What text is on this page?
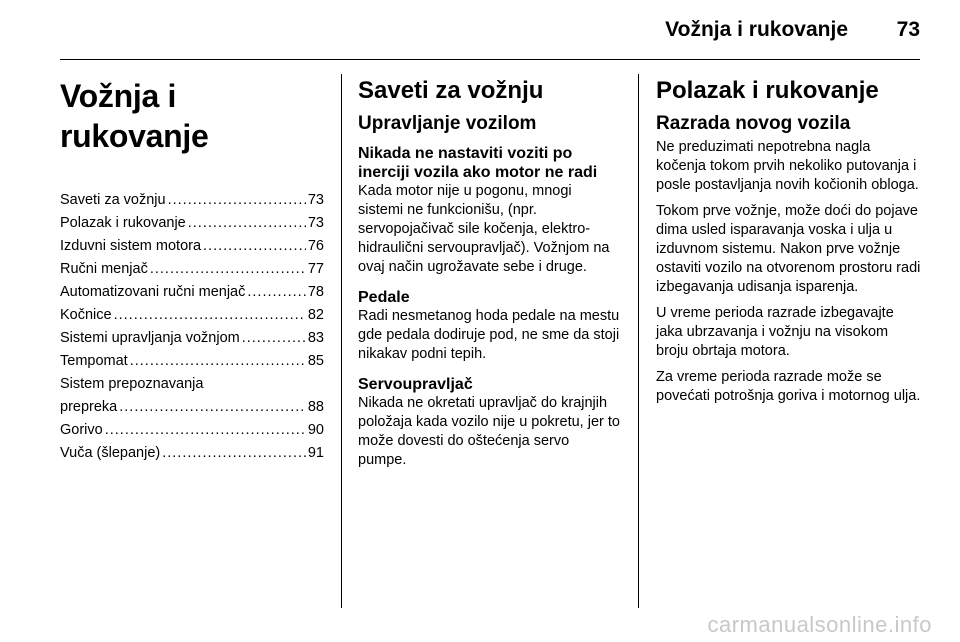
Vožnja i rukovanje 73
Vožnja i rukovanje
Saveti za vožnju .....	73
Polazak i rukovanje .....	73
Izduvni sistem motora .....	76
Ručni menjač .....	77
Automatizovani ručni menjač .....	78
Kočnice .....	82
Sistemi upravljanja vožnjom .....	83
Tempomat .....	85
Sistem prepoznavanja
prepreka .....	88
Gorivo .....	90
Vuča (šlepanje) .....	91
Saveti za vožnju
Upravljanje vozilom
Nikada ne nastaviti voziti po inerciji vozila ako motor ne radi

Kada motor nije u pogonu, mnogi sistemi ne funkcionišu, (npr. servopojačivač sile kočenja, elektro-hidraulični servoupravljač). Vožnjom na ovaj način ugrožavate sebe i druge.

Pedale

Radi nesmetanog hoda pedale na mestu gde pedala dodiruje pod, ne sme da stoji nikakav podni tepih.

Servoupravljač

Nikada ne okretati upravljač do krajnjih položaja kada vozilo nije u pokretu, jer to može dovesti do oštećenja servo pumpe.

Polazak i rukovanje
Razrada novog vozila

Ne preduzimati nepotrebna nagla kočenja tokom prvih nekoliko putovanja i posle postavljanja novih kočionih obloga.

Tokom prve vožnje, može doći do pojave dima usled isparavanja voska i ulja u izduvnom sistemu. Nakon prve vožnje ostaviti vozilo na otvorenom prostoru radi izbegavanja udisanja isparenja.

U vreme perioda razrade izbegavajte jaka ubrzavanja i vožnju na visokom broju obrtaja motora.

Za vreme perioda razrade može se povećati potrošnja goriva i motornog ulja.

carmanualsonline.info
